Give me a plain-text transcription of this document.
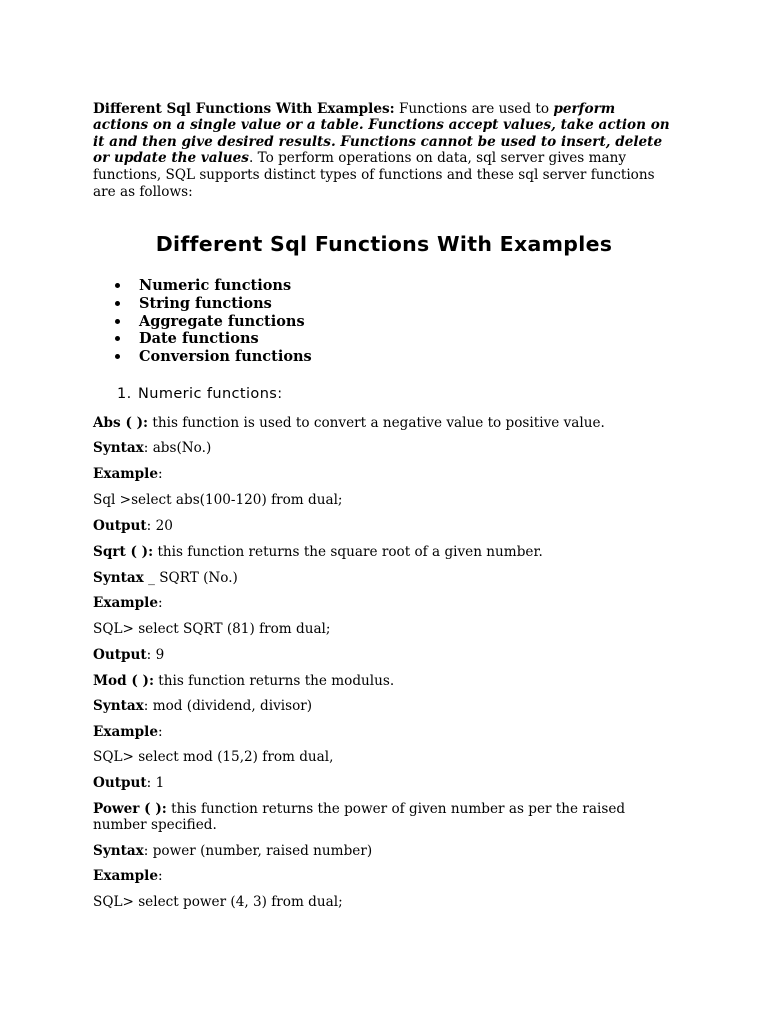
Different Sql Functions With Examples: Functions are used to perform actions on a single value or a table. Functions accept values, take action on it and then give desired results. Functions cannot be used to insert, delete or update the values. To perform operations on data, sql server gives many functions, SQL supports distinct types of functions and these sql server functions are as follows:

Different Sql Functions With Examples
Numeric functions
String functions
Aggregate functions
Date functions
Conversion functions
1. Numeric functions:
Abs ( ): this function is used to convert a negative value to positive value.
Syntax: abs(No.)
Example:
Sql >select abs(100-120) from dual;
Output: 20
Sqrt ( ): this function returns the square root of a given number.
Syntax _ SQRT (No.)
Example:
SQL> select SQRT (81) from dual;
Output: 9
Mod ( ): this function returns the modulus.
Syntax: mod (dividend, divisor)
Example:
SQL> select mod (15,2) from dual,
Output: 1
Power ( ): this function returns the power of given number as per the raised number specified.
Syntax: power (number, raised number)
Example:
SQL> select power (4, 3) from dual;
